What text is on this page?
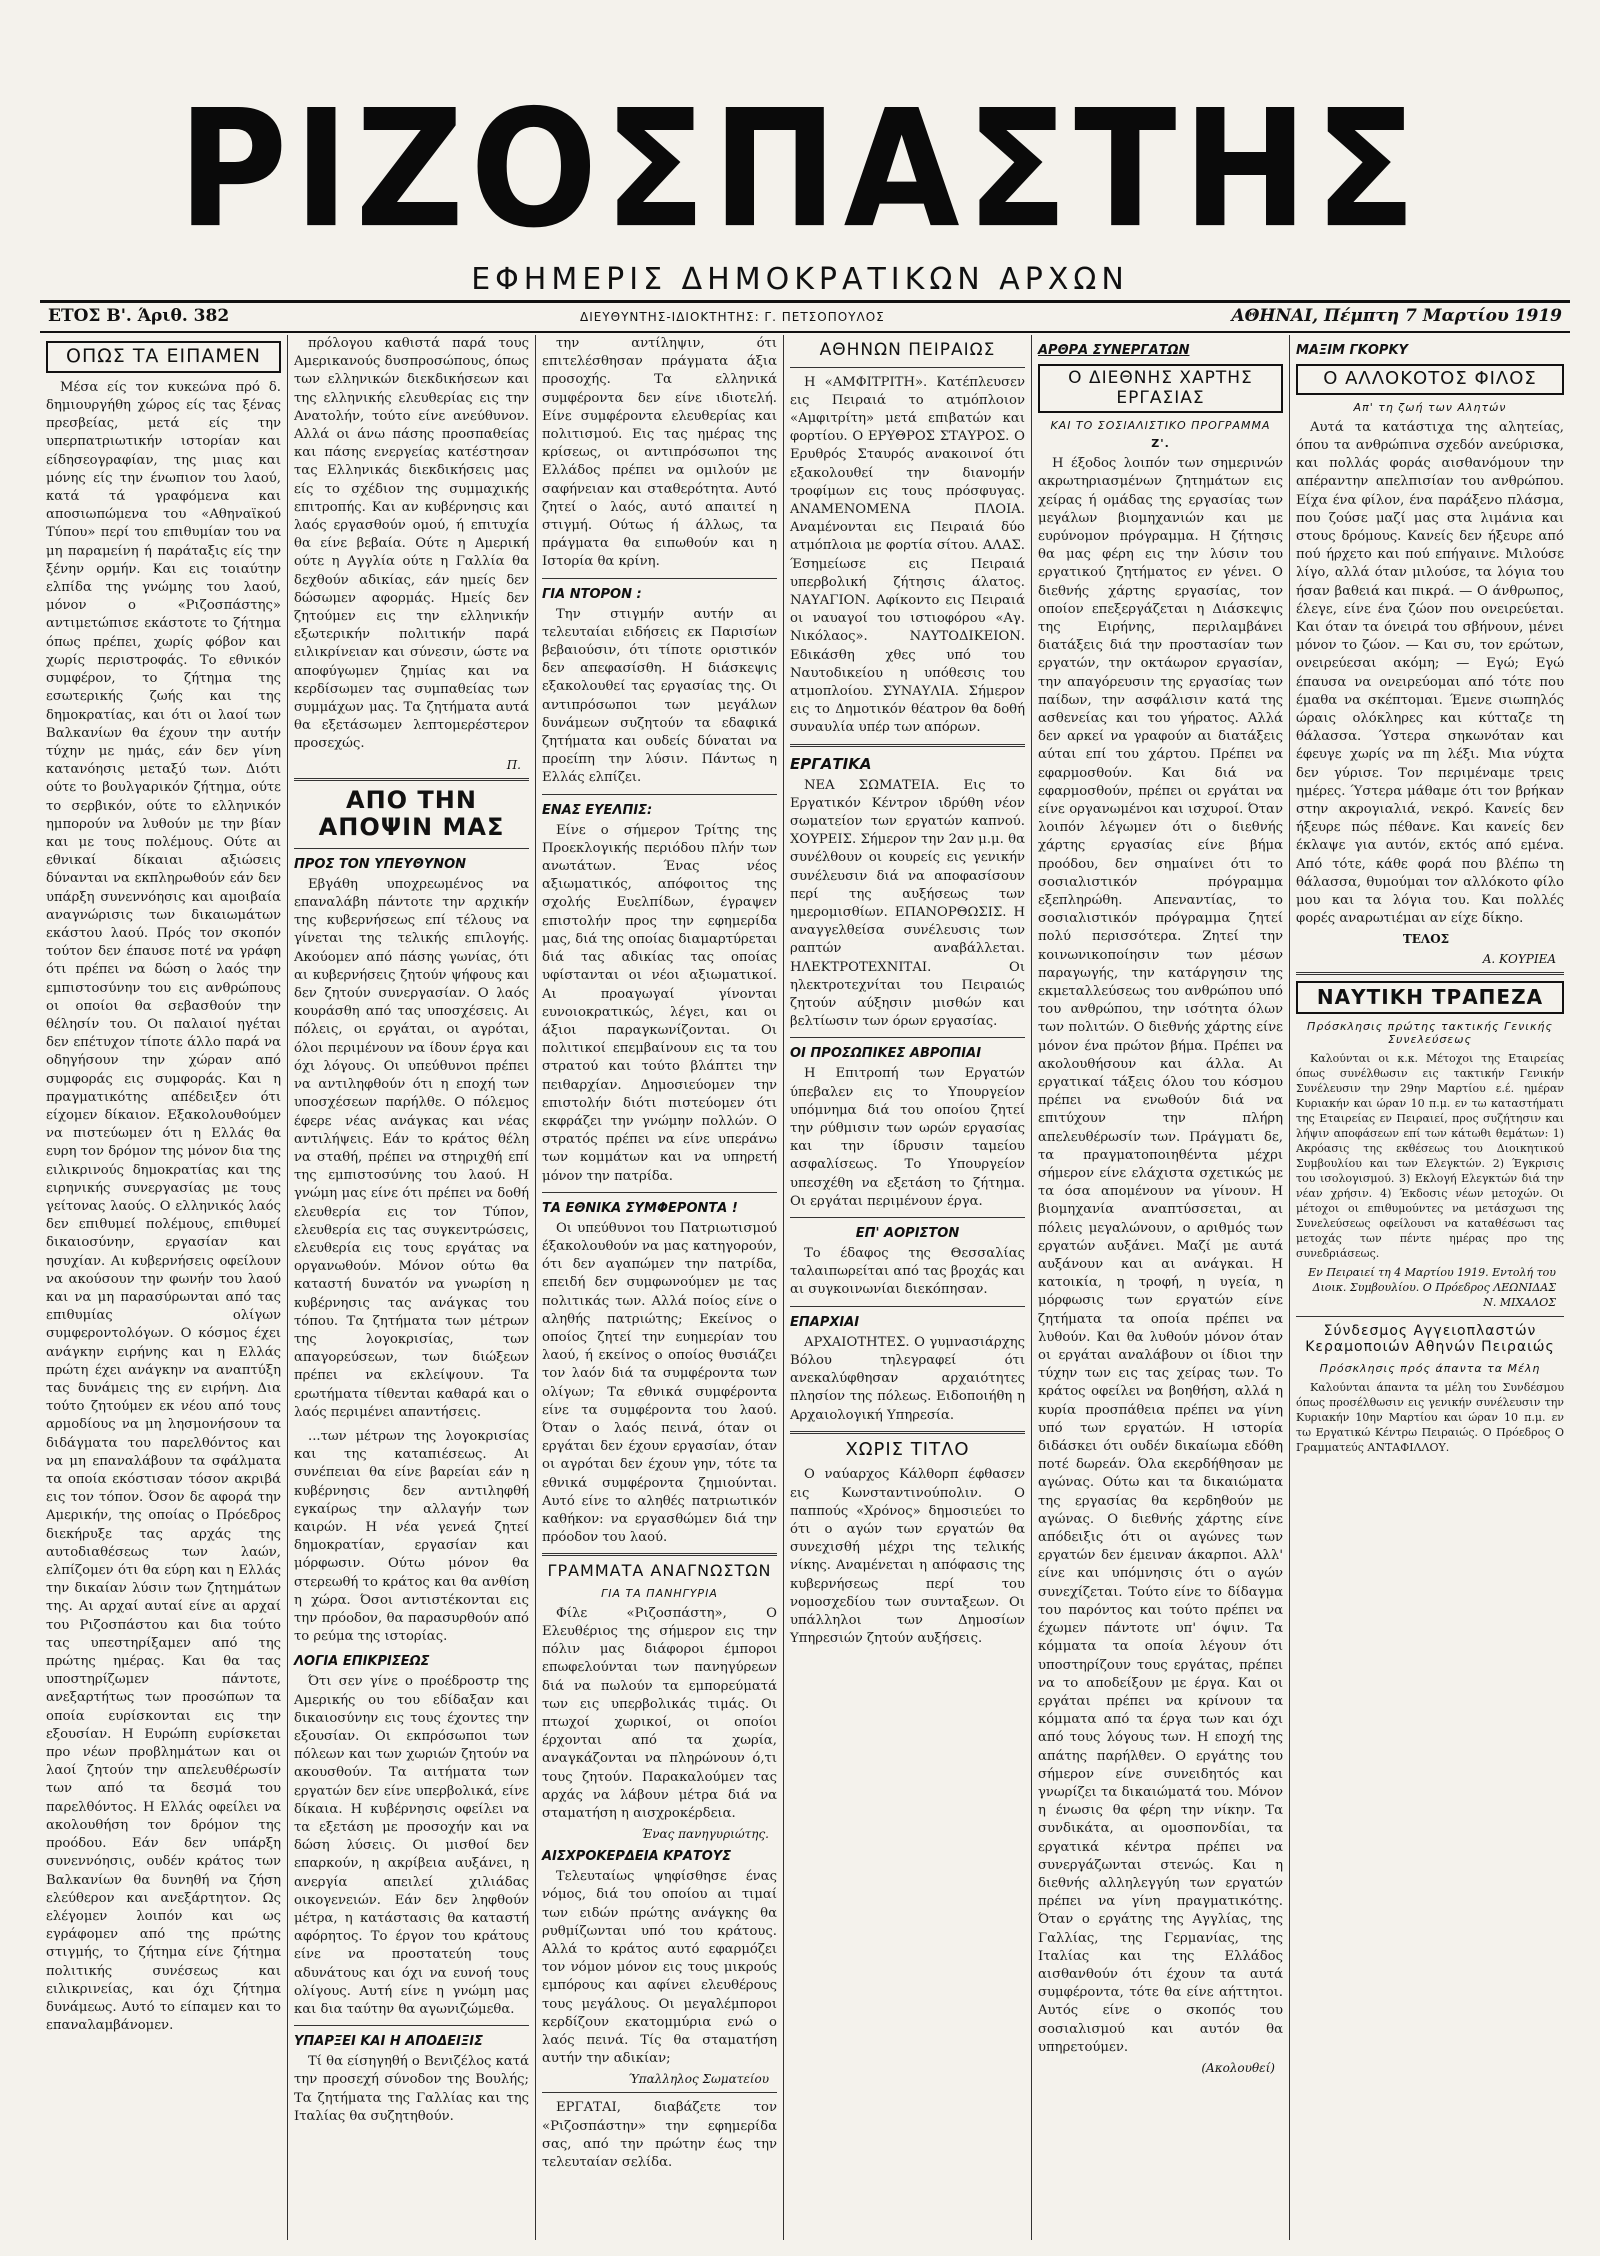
ΡΙΖΟΣΠΑΣΤΗΣ
ΕΦΗΜΕΡΙΣ ΔΗΜΟΚΡΑΤΙΚΩΝ ΑΡΧΩΝ
ΕΤΟΣ Β'. Άριθ. 382	ΔΙΕΥΘΥΝΤΗΣ-ΙΔΙΟΚΤΗΤΗΣ: Γ. ΠΕΤΣΟΠΟΥΛΟΣ	ΑΘΗΝΑΙ, Πέμπτη 7 Μαρτίου 1919
ΟΠΩΣ ΤΑ ΕΙΠΑΜΕΝ

Μέσα είς τον κυκεώνα πρό δ. δημιουργήθη χώρος είς τας ξένας πρεσβείας, μετά είς την υπερπατριωτικήν ιστορίαν και είδησεογραφίαν, της μιας και μόνης είς την ένωπιον του λαού, κατά τά γραφόμενα και αποσιωπώμενα του «Αθηναϊκού Τύπου» περί του επιθυμίαν του να μη παραμείνη ή παράταξις είς την ξένην ορμήν. Και εις τοιαύτην ελπίδα της γνώμης του λαού, μόνον ο «Ριζοσπάστης» αντιμετώπισε εκάστοτε το ζήτημα όπως πρέπει, χωρίς φόβον και χωρίς περιστροφάς. Το εθνικόν συμφέρον, το ζήτημα της εσωτερικής ζωής και της δημοκρατίας, και ότι οι λαοί των Βαλκανίων θα έχουν την αυτήν τύχην με ημάς, εάν δεν γίνη κατανόησις μεταξύ των. Διότι ούτε το βουλγαρικόν ζήτημα, ούτε το σερβικόν, ούτε το ελληνικόν ημπορούν να λυθούν με την βίαν και με τους πολέμους. Ούτε αι εθνικαί δίκαιαι αξιώσεις δύνανται να εκπληρωθούν εάν δεν υπάρξη συνεννόησις και αμοιβαία αναγνώρισις των δικαιωμάτων εκάστου λαού. Πρός τον σκοπόν τούτον δεν έπαυσε ποτέ να γράφη ότι πρέπει να δώση ο λαός την εμπιστοσύνην του εις ανθρώπους οι οποίοι θα σεβασθούν την θέλησίν του. Οι παλαιοί ηγέται δεν επέτυχον τίποτε άλλο παρά να οδηγήσουν την χώραν από συμφοράς εις συμφοράς. Και η πραγματικότης απέδειξεν ότι είχομεν δίκαιον. Εξακολουθούμεν να πιστεύωμεν ότι η Ελλάς θα ευρη τον δρόμον της μόνον δια της ειλικρινούς δημοκρατίας και της ειρηνικής συνεργασίας με τους γείτονας λαούς. Ο ελληνικός λαός δεν επιθυμεί πολέμους, επιθυμεί δικαιοσύνην, εργασίαν και ησυχίαν. Αι κυβερνήσεις οφείλουν να ακούσουν την φωνήν του λαού και να μη παρασύρωνται από τας επιθυμίας ολίγων συμφεροντολόγων. Ο κόσμος έχει ανάγκην ειρήνης και η Ελλάς πρώτη έχει ανάγκην να αναπτύξη τας δυνάμεις της εν ειρήνη. Δια τούτο ζητούμεν εκ νέου από τους αρμοδίους να μη λησμονήσουν τα διδάγματα του παρελθόντος και να μη επαναλάβουν τα σφάλματα τα οποία εκόστισαν τόσον ακριβά εις τον τόπον. Όσον δε αφορά την Αμερικήν, της οποίας ο Πρόεδρος διεκήρυξε τας αρχάς της αυτοδιαθέσεως των λαών, ελπίζομεν ότι θα εύρη και η Ελλάς την δικαίαν λύσιν των ζητημάτων της. Αι αρχαί αυταί είνε αι αρχαί του Ριζοσπάστου και δια τούτο τας υπεστηρίξαμεν από της πρώτης ημέρας. Και θα τας υποστηρίζωμεν πάντοτε, ανεξαρτήτως των προσώπων τα οποία ευρίσκονται εις την εξουσίαν. Η Ευρώπη ευρίσκεται προ νέων προβλημάτων και οι λαοί ζητούν την απελευθέρωσίν των από τα δεσμά του παρελθόντος. Η Ελλάς οφείλει να ακολουθήση τον δρόμον της προόδου. Εάν δεν υπάρξη συνεννόησις, ουδέν κράτος των Βαλκανίων θα δυνηθή να ζήση ελεύθερον και ανεξάρτητον. Ως ελέγομεν λοιπόν και ως εγράφομεν από της πρώτης στιγμής, το ζήτημα είνε ζήτημα πολιτικής συνέσεως και ειλικρινείας, και όχι ζήτημα δυνάμεως. Αυτό το είπαμεν και το επαναλαμβάνομεν.

πρόλογου καθιστά παρά τους Αμερικανούς δυσπροσώπους, όπως των ελληνικών διεκδικήσεων και της ελληνικής ελευθερίας εις την Ανατολήν, τούτο είνε ανεύθυνον. Αλλά οι άνω πάσης προσπαθείας και πάσης ενεργείας κατέστησαν τας Ελληνικάς διεκδικήσεις μας είς το σχέδιον της συμμαχικής επιτροπής. Και αν κυβέρνησις και λαός εργασθούν ομού, ή επιτυχία θα είνε βεβαία. Ούτε η Αμερική ούτε η Αγγλία ούτε η Γαλλία θα δεχθούν αδικίας, εάν ημείς δεν δώσωμεν αφορμάς. Ημείς δεν ζητούμεν εις την ελληνικήν εξωτερικήν πολιτικήν παρά ειλικρίνειαν και σύνεσιν, ώστε να αποφύγωμεν ζημίας και να κερδίσωμεν τας συμπαθείας των συμμάχων μας. Τα ζητήματα αυτά θα εξετάσωμεν λεπτομερέστερον προσεχώς.

Π.
ΑΠΟ ΤΗΝ ΑΠΟΨΙΝ ΜΑΣ
ΠΡΟΣ ΤΟΝ ΥΠΕΥΘΥΝΟΝ

Εβγάθη υποχρεωμένος να επαναλάβη πάντοτε την αρχικήν της κυβερνήσεως επί τέλους να γίνεται της τελικής επιλογής. Ακούομεν από πάσης γωνίας, ότι αι κυβερνήσεις ζητούν ψήφους και δεν ζητούν συνεργασίαν. Ο λαός κουράσθη από τας υποσχέσεις. Αι πόλεις, οι εργάται, οι αγρόται, όλοι περιμένουν να ίδουν έργα και όχι λόγους. Οι υπεύθυνοι πρέπει να αντιληφθούν ότι η εποχή των υποσχέσεων παρήλθε. Ο πόλεμος έφερε νέας ανάγκας και νέας αντιλήψεις. Εάν το κράτος θέλη να σταθή, πρέπει να στηριχθή επί της εμπιστοσύνης του λαού. Η γνώμη μας είνε ότι πρέπει να δοθή ελευθερία εις τον Τύπον, ελευθερία εις τας συγκεντρώσεις, ελευθερία εις τους εργάτας να οργανωθούν. Μόνον ούτω θα καταστή δυνατόν να γνωρίση η κυβέρνησις τας ανάγκας του τόπου. Τα ζητήματα των μέτρων της λογοκρισίας, των απαγορεύσεων, των διώξεων πρέπει να εκλείψουν. Τα ερωτήματα τίθενται καθαρά και ο λαός περιμένει απαντήσεις.

...των μέτρων της λογοκρισίας και της καταπιέσεως. Αι συνέπειαι θα είνε βαρείαι εάν η κυβέρνησις δεν αντιληφθή εγκαίρως την αλλαγήν των καιρών. Η νέα γενεά ζητεί δημοκρατίαν, εργασίαν και μόρφωσιν. Ούτω μόνον θα στερεωθή το κράτος και θα ανθίση η χώρα. Όσοι αντιστέκονται εις την πρόοδον, θα παρασυρθούν από το ρεύμα της ιστορίας.

ΛΟΓΙΑ ΕΠΙΚΡΙΣΕΩΣ

Ότι σεν γίνε ο προέδροστρ της Αμερικής ου του εδίδαξαν και δικαιοσύνην εις τους έχοντες την εξουσίαν. Οι εκπρόσωποι των πόλεων και των χωριών ζητούν να ακουσθούν. Τα αιτήματα των εργατών δεν είνε υπερβολικά, είνε δίκαια. Η κυβέρνησις οφείλει να τα εξετάση με προσοχήν και να δώση λύσεις. Οι μισθοί δεν επαρκούν, η ακρίβεια αυξάνει, η ανεργία απειλεί χιλιάδας οικογενειών. Εάν δεν ληφθούν μέτρα, η κατάστασις θα καταστή αφόρητος. Το έργον του κράτους είνε να προστατεύη τους αδυνάτους και όχι να ευνοή τους ολίγους. Αυτή είνε η γνώμη μας και δια ταύτην θα αγωνιζώμεθα.

ΥΠΑΡΞΕΙ ΚΑΙ Η ΑΠΟΔΕΙΞΙΣ

Τί θα είσηγηθή ο Βενιζέλος κατά την προσεχή σύνοδον της Βουλής; Τα ζητήματα της Γαλλίας και της Ιταλίας θα συζητηθούν.

την αντίληψιν, ότι επιτελέσθησαν πράγματα άξια προσοχής. Τα ελληνικά συμφέροντα δεν είνε ιδιοτελή. Είνε συμφέροντα ελευθερίας και πολιτισμού. Εις τας ημέρας της κρίσεως, οι αντιπρόσωποι της Ελλάδος πρέπει να ομιλούν με σαφήνειαν και σταθερότητα. Αυτό ζητεί ο λαός, αυτό απαιτεί η στιγμή. Ούτως ή άλλως, τα πράγματα θα ειπωθούν και η Ιστορία θα κρίνη.

ΓΙΑ ΝΤΟΡΟΝ :

Την στιγμήν αυτήν αι τελευταίαι ειδήσεις εκ Παρισίων βεβαιούσιν, ότι τίποτε οριστικόν δεν απεφασίσθη. Η διάσκεψις εξακολουθεί τας εργασίας της. Οι αντιπρόσωποι των μεγάλων δυνάμεων συζητούν τα εδαφικά ζητήματα και ουδείς δύναται να προείπη την λύσιν. Πάντως η Ελλάς ελπίζει.

ΕΝΑΣ ΕΥΕΛΠΙΣ:

Είνε ο σήμερον Τρίτης της Προεκλογικής περιόδου πλήν των ανωτάτων. Ένας νέος αξιωματικός, απόφοιτος της σχολής Ευελπίδων, έγραψεν επιστολήν προς την εφημερίδα μας, διά της οποίας διαμαρτύρεται διά τας αδικίας τας οποίας υφίστανται οι νέοι αξιωματικοί. Αι προαγωγαί γίνονται ευνοιοκρατικώς, λέγει, και οι άξιοι παραγκωνίζονται. Οι πολιτικοί επεμβαίνουν εις τα του στρατού και τούτο βλάπτει την πειθαρχίαν. Δημοσιεύομεν την επιστολήν διότι πιστεύομεν ότι εκφράζει την γνώμην πολλών. Ο στρατός πρέπει να είνε υπεράνω των κομμάτων και να υπηρετή μόνον την πατρίδα.

ΤΑ ΕΘΝΙΚΑ ΣΥΜΦΕΡΟΝΤΑ !

Οι υπεύθυνοι του Πατριωτισμού έξακολουθούν να μας κατηγορούν, ότι δεν αγαπώμεν την πατρίδα, επειδή δεν συμφωνούμεν με τας πολιτικάς των. Αλλά ποίος είνε ο αληθής πατριώτης; Εκείνος ο οποίος ζητεί την ευημερίαν του λαού, ή εκείνος ο οποίος θυσιάζει τον λαόν διά τα συμφέροντα των ολίγων; Τα εθνικά συμφέροντα είνε τα συμφέροντα του λαού. Όταν ο λαός πεινά, όταν οι εργάται δεν έχουν εργασίαν, όταν οι αγρόται δεν έχουν γην, τότε τα εθνικά συμφέροντα ζημιούνται. Αυτό είνε το αληθές πατριωτικόν καθήκον: να εργασθώμεν διά την πρόοδον του λαού.

ΓΡΑΜΜΑΤΑ ΑΝΑΓΝΩΣΤΩΝ
ΓΙΑ ΤΑ ΠΑΝΗΓΥΡΙΑ

Φίλε «Ριζοσπάστη», Ο Ελευθέριος της σήμερον εις την πόλιν μας διάφοροι έμποροι επωφελούνται των πανηγύρεων διά να πωλούν τα εμπορεύματά των εις υπερβολικάς τιμάς. Οι πτωχοί χωρικοί, οι οποίοι έρχονται από τα χωρία, αναγκάζονται να πληρώνουν ό,τι τους ζητούν. Παρακαλούμεν τας αρχάς να λάβουν μέτρα διά να σταματήση η αισχροκέρδεια.

Ένας πανηγυριώτης.
ΑΙΣΧΡΟΚΕΡΔΕΙΑ ΚΡΑΤΟΥΣ

Τελευταίως ψηφίσθησε ένας νόμος, διά του οποίου αι τιμαί των ειδών πρώτης ανάγκης θα ρυθμίζωνται υπό του κράτους. Αλλά το κράτος αυτό εφαρμόζει τον νόμον μόνον εις τους μικρούς εμπόρους και αφίνει ελευθέρους τους μεγάλους. Οι μεγαλέμποροι κερδίζουν εκατομμύρια ενώ ο λαός πεινά. Τίς θα σταματήση αυτήν την αδικίαν;

Ύπαλληλος Σωματείου

ΕΡΓΑΤΑΙ, διαβάζετε τον «Ριζοσπάστην» την εφημερίδα σας, από την πρώτην έως την τελευταίαν σελίδα.

ΑΘΗΝΩΝ ΠΕΙΡΑΙΩΣ

Η «ΑΜΦΙΤΡΙΤΗ». Κατέπλευσεν εις Πειραιά το ατμόπλοιον «Αμφιτρίτη» μετά επιβατών και φορτίου. Ο ΕΡΥΘΡΟΣ ΣΤΑΥΡΟΣ. Ο Ερυθρός Σταυρός ανακοινοί ότι εξακολουθεί την διανομήν τροφίμων εις τους πρόσφυγας. ΑΝΑΜΕΝΟΜΕΝΑ ΠΛΟΙΑ. Αναμένονται εις Πειραιά δύο ατμόπλοια με φορτία σίτου. ΑΛΑΣ. Έσημείωσε εις Πειραιά υπερβολική ζήτησις άλατος. ΝΑΥΑΓΙΟΝ. Αφίκοντο εις Πειραιά οι ναυαγοί του ιστιοφόρου «Αγ. Νικόλαος». ΝΑΥΤΟΔΙΚΕΙΟΝ. Εδικάσθη χθες υπό του Ναυτοδικείου η υπόθεσις του ατμοπλοίου. ΣΥΝΑΥΛΙΑ. Σήμερον εις το Δημοτικόν θέατρον θα δοθή συναυλία υπέρ των απόρων.

ΕΡΓΑΤΙΚΑ

ΝΕΑ ΣΩΜΑΤΕΙΑ. Εις το Εργατικόν Κέντρον ιδρύθη νέον σωματείον των εργατών καπνού. ΧΟΥΡΕΙΣ. Σήμερον την 2αν μ.μ. θα συνέλθουν οι κουρείς εις γενικήν συνέλευσιν διά να αποφασίσουν περί της αυξήσεως των ημερομισθίων. ΕΠΑΝΟΡΘΩΣΙΣ. Η αναγγελθείσα συνέλευσις των ραπτών αναβάλλεται. ΗΛΕΚΤΡΟΤΕΧΝΙΤΑΙ. Οι ηλεκτροτεχνίται του Πειραιώς ζητούν αύξησιν μισθών και βελτίωσιν των όρων εργασίας.

ΟΙ ΠΡΟΣΩΠΙΚΕΣ ΑΒΡΟΠΙΑΙ

Η Επιτροπή των Εργατών ύπεβαλεν εις το Υπουργείον υπόμνημα διά του οποίου ζητεί την ρύθμισιν των ωρών εργασίας και την ίδρυσιν ταμείου ασφαλίσεως. Το Υπουργείον υπεσχέθη να εξετάση το ζήτημα. Οι εργάται περιμένουν έργα.

ΕΠ' ΑΟΡΙΣΤΟΝ

Το έδαφος της Θεσσαλίας ταλαιπωρείται από τας βροχάς και αι συγκοινωνίαι διεκόπησαν.

ΕΠΑΡΧΙΑΙ

ΑΡΧΑΙΟΤΗΤΕΣ. Ο γυμνασιάρχης Βόλου τηλεγραφεί ότι ανεκαλύφθησαν αρχαιότητες πλησίον της πόλεως. Ειδοποιήθη η Αρχαιολογική Υπηρεσία.

ΧΩΡΙΣ ΤΙΤΛΟ

Ο ναύαρχος Κάλθορπ έφθασεν εις Κωνσταντινούπολιν. Ο παππούς «Χρόνος» δημοσιεύει το ότι ο αγών των εργατών θα συνεχισθή μέχρι της τελικής νίκης. Αναμένεται η απόφασις της κυβερνήσεως περί του νομοσχεδίου των συνταξεων. Οι υπάλληλοι των Δημοσίων Υπηρεσιών ζητούν αυξήσεις.

ΑΡΘΡΑ ΣΥΝΕΡΓΑΤΩΝ
Ο ΔΙΕΘΝΗΣ ΧΑΡΤΗΣ ΕΡΓΑΣΙΑΣ
ΚΑΙ ΤΟ ΣΟΣΙΑΛΙΣΤΙΚΟ ΠΡΟΓΡΑΜΜΑ
Ζ'.

Η έξοδος λοιπόν των σημερινών ακρωτηριασμένων ζητημάτων εις χείρας ή ομάδας της εργασίας των μεγάλων βιομηχανιών και με ευρύνομον πρόγραμμα. Η ζήτησις θα μας φέρη εις την λύσιν του εργατικού ζητήματος εν γένει. Ο διεθνής χάρτης εργασίας, τον οποίον επεξεργάζεται η Διάσκεψις της Ειρήνης, περιλαμβάνει διατάξεις διά την προστασίαν των εργατών, την οκτάωρον εργασίαν, την απαγόρευσιν της εργασίας των παίδων, την ασφάλισιν κατά της ασθενείας και του γήρατος. Αλλά δεν αρκεί να γραφούν αι διατάξεις αύται επί του χάρτου. Πρέπει να εφαρμοσθούν. Και διά να εφαρμοσθούν, πρέπει οι εργάται να είνε οργανωμένοι και ισχυροί. Όταν λοιπόν λέγωμεν ότι ο διεθνής χάρτης εργασίας είνε βήμα προόδου, δεν σημαίνει ότι το σοσιαλιστικόν πρόγραμμα εξεπληρώθη. Απεναντίας, το σοσιαλιστικόν πρόγραμμα ζητεί πολύ περισσότερα. Ζητεί την κοινωνικοποίησιν των μέσων παραγωγής, την κατάργησιν της εκμεταλλεύσεως του ανθρώπου υπό του ανθρώπου, την ισότητα όλων των πολιτών. Ο διεθνής χάρτης είνε μόνον ένα πρώτον βήμα. Πρέπει να ακολουθήσουν και άλλα. Αι εργατικαί τάξεις όλου του κόσμου πρέπει να ενωθούν διά να επιτύχουν την πλήρη απελευθέρωσίν των. Πράγματι δε, τα πραγματοποιηθέντα μέχρι σήμερον είνε ελάχιστα σχετικώς με τα όσα απομένουν να γίνουν. Η βιομηχανία αναπτύσσεται, αι πόλεις μεγαλώνουν, ο αριθμός των εργατών αυξάνει. Μαζί με αυτά αυξάνουν και αι ανάγκαι. Η κατοικία, η τροφή, η υγεία, η μόρφωσις των εργατών είνε ζητήματα τα οποία πρέπει να λυθούν. Και θα λυθούν μόνον όταν οι εργάται αναλάβουν οι ίδιοι την τύχην των εις τας χείρας των. Το κράτος οφείλει να βοηθήση, αλλά η κυρία προσπάθεια πρέπει να γίνη υπό των εργατών. Η ιστορία διδάσκει ότι ουδέν δικαίωμα εδόθη ποτέ δωρεάν. Όλα εκερδήθησαν με αγώνας. Ούτω και τα δικαιώματα της εργασίας θα κερδηθούν με αγώνας. Ο διεθνής χάρτης είνε απόδειξις ότι οι αγώνες των εργατών δεν έμειναν άκαρποι. Αλλ' είνε και υπόμνησις ότι ο αγών συνεχίζεται. Τούτο είνε το δίδαγμα του παρόντος και τούτο πρέπει να έχωμεν πάντοτε υπ' όψιν. Τα κόμματα τα οποία λέγουν ότι υποστηρίζουν τους εργάτας, πρέπει να το αποδείξουν με έργα. Και οι εργάται πρέπει να κρίνουν τα κόμματα από τα έργα των και όχι από τους λόγους των. Η εποχή της απάτης παρήλθεν. Ο εργάτης του σήμερον είνε συνειδητός και γνωρίζει τα δικαιώματά του. Μόνον η ένωσις θα φέρη την νίκην. Τα συνδικάτα, αι ομοσπονδίαι, τα εργατικά κέντρα πρέπει να συνεργάζωνται στενώς. Και η διεθνής αλληλεγγύη των εργατών πρέπει να γίνη πραγματικότης. Όταν ο εργάτης της Αγγλίας, της Γαλλίας, της Γερμανίας, της Ιταλίας και της Ελλάδος αισθανθούν ότι έχουν τα αυτά συμφέροντα, τότε θα είνε αήττητοι. Αυτός είνε ο σκοπός του σοσιαλισμού και αυτόν θα υπηρετούμεν.

(Ακολουθεί)
ΜΑΞΙΜ ΓΚΟΡΚΥ
Ο ΑΛΛΟΚΟΤΟΣ ΦΙΛΟΣ
Απ' τη ζωή των Αλητών

Αυτά τα κατάστιχα της αλητείας, όπου τα ανθρώπινα σχεδόν ανεύρισκα, και πολλάς φοράς αισθανόμουν την απέραντην απελπισίαν του ανθρώπου. Είχα ένα φίλον, ένα παράξενο πλάσμα, που ζούσε μαζί μας στα λιμάνια και στους δρόμους. Κανείς δεν ήξευρε από πού ήρχετο και πού επήγαινε. Μιλούσε λίγο, αλλά όταν μιλούσε, τα λόγια του ήσαν βαθειά και πικρά. — Ο άνθρωπος, έλεγε, είνε ένα ζώον που ονειρεύεται. Και όταν τα όνειρά του σβήνουν, μένει μόνον το ζώον. — Και συ, τον ερώτων, ονειρεύεσαι ακόμη; — Εγώ; Εγώ έπαυσα να ονειρεύομαι από τότε που έμαθα να σκέπτομαι. Έμενε σιωπηλός ώραις ολόκληρες και κύτταζε τη θάλασσα. Ύστερα σηκωνόταν και έφευγε χωρίς να πη λέξι. Μια νύχτα δεν γύρισε. Τον περιμέναμε τρεις ημέρες. Ύστερα μάθαμε ότι τον βρήκαν στην ακρογιαλιά, νεκρό. Κανείς δεν ήξευρε πώς πέθανε. Και κανείς δεν έκλαψε για αυτόν, εκτός από εμένα. Από τότε, κάθε φορά που βλέπω τη θάλασσα, θυμούμαι τον αλλόκοτο φίλο μου και τα λόγια του. Και πολλές φορές αναρωτιέμαι αν είχε δίκηο.

ΤΕΛΟΣ
Α. ΚΟΥΡΙΕΑ
ΝΑΥΤΙΚΗ ΤΡΑΠΕΖΑ
Πρόσκλησις πρώτης τακτικής Γενικής Συνελεύσεως

Καλούνται οι κ.κ. Μέτοχοι της Εταιρείας όπως συνέλθωσιν εις τακτικήν Γενικήν Συνέλευσιν την 29ην Μαρτίου ε.έ. ημέραν Κυριακήν και ώραν 10 π.μ. εν τω καταστήματι της Εταιρείας εν Πειραιεί, προς συζήτησιν και λήψιν αποφάσεων επί των κάτωθι θεμάτων: 1) Ακρόασις της εκθέσεως του Διοικητικού Συμβουλίου και των Ελεγκτών. 2) Έγκρισις του ισολογισμού. 3) Εκλογή Ελεγκτών διά την νέαν χρήσιν. 4) Έκδοσις νέων μετοχών. Οι μέτοχοι οι επιθυμούντες να μετάσχωσι της Συνελεύσεως οφείλουσι να καταθέσωσι τας μετοχάς των πέντε ημέρας προ της συνεδριάσεως.

Εν Πειραιεί τη 4 Μαρτίου 1919. Εντολή του Διοικ. Συμβουλίου. Ο Πρόεδρος ΛΕΩΝΙΔΑΣ Ν. ΜΙΧΑΛΟΣ
Σύνδεσμος Αγγειοπλαστών Κεραμοποιών Αθηνών Πειραιώς
Πρόσκλησις πρός άπαντα τα Μέλη

Καλούνται άπαντα τα μέλη του Συνδέσμου όπως προσέλθωσιν εις γενικήν συνέλευσιν την Κυριακήν 10ην Μαρτίου και ώραν 10 π.μ. εν τω Εργατικώ Κέντρω Πειραιώς. Ο Πρόεδρος Ο Γραμματεύς ΑΝΤΑΦΙΛΛΟΥ.
